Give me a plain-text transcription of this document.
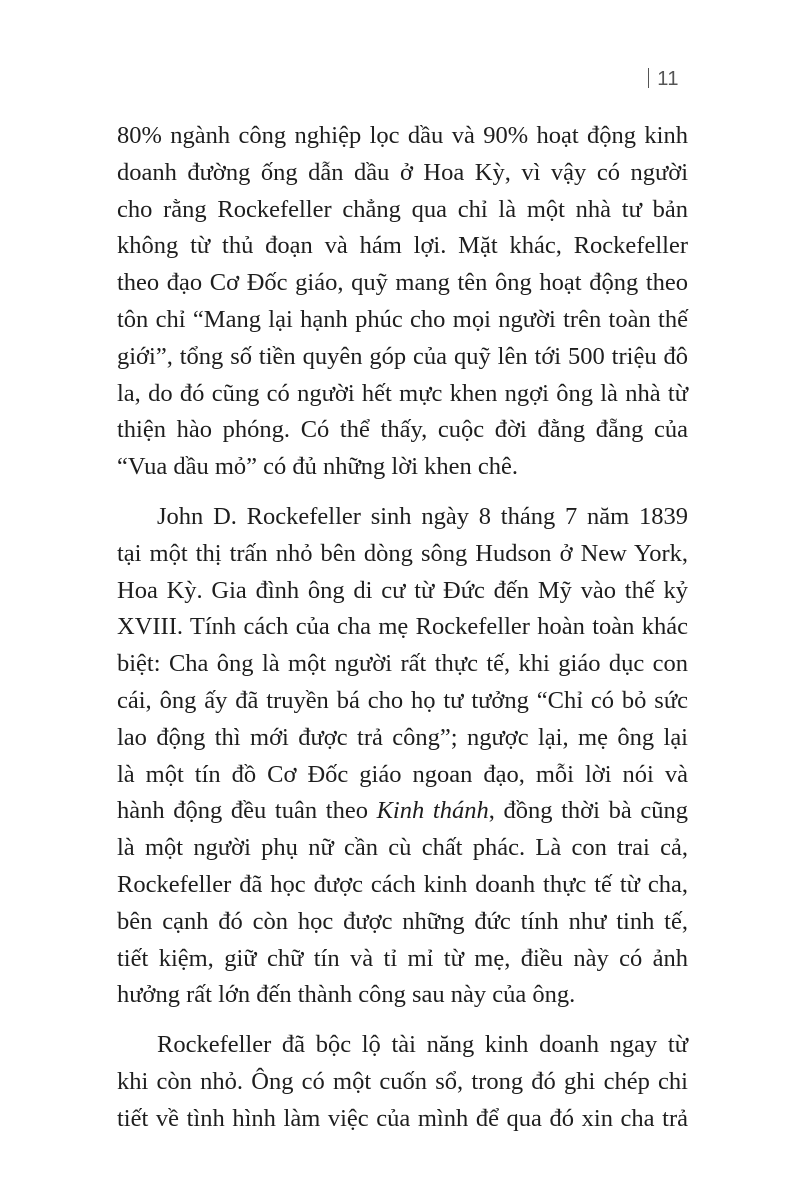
11

80% ngành công nghiệp lọc dầu và 90% hoạt động kinh
doanh đường ống dẫn dầu ở Hoa Kỳ, vì vậy có người
cho rằng Rockefeller chẳng qua chỉ là một nhà tư bản
không từ thủ đoạn và hám lợi. Mặt khác, Rockefeller
theo đạo Cơ Đốc giáo, quỹ mang tên ông hoạt động theo
tôn chỉ “Mang lại hạnh phúc cho mọi người trên toàn thế
giới”, tổng số tiền quyên góp của quỹ lên tới 500 triệu đô
la, do đó cũng có người hết mực khen ngợi ông là nhà từ
thiện hào phóng. Có thể thấy, cuộc đời đằng đẵng của
“Vua dầu mỏ” có đủ những lời khen chê.

John D. Rockefeller sinh ngày 8 tháng 7 năm 1839
tại một thị trấn nhỏ bên dòng sông Hudson ở New York,
Hoa Kỳ. Gia đình ông di cư từ Đức đến Mỹ vào thế kỷ
XVIII. Tính cách của cha mẹ Rockefeller hoàn toàn khác
biệt: Cha ông là một người rất thực tế, khi giáo dục con
cái, ông ấy đã truyền bá cho họ tư tưởng “Chỉ có bỏ sức
lao động thì mới được trả công”; ngược lại, mẹ ông lại
là một tín đồ Cơ Đốc giáo ngoan đạo, mỗi lời nói và
hành động đều tuân theo Kinh thánh, đồng thời bà cũng
là một người phụ nữ cần cù chất phác. Là con trai cả,
Rockefeller đã học được cách kinh doanh thực tế từ cha,
bên cạnh đó còn học được những đức tính như tinh tế,
tiết kiệm, giữ chữ tín và tỉ mỉ từ mẹ, điều này có ảnh
hưởng rất lớn đến thành công sau này của ông.

Rockefeller đã bộc lộ tài năng kinh doanh ngay từ
khi còn nhỏ. Ông có một cuốn sổ, trong đó ghi chép chi
tiết về tình hình làm việc của mình để qua đó xin cha trả
